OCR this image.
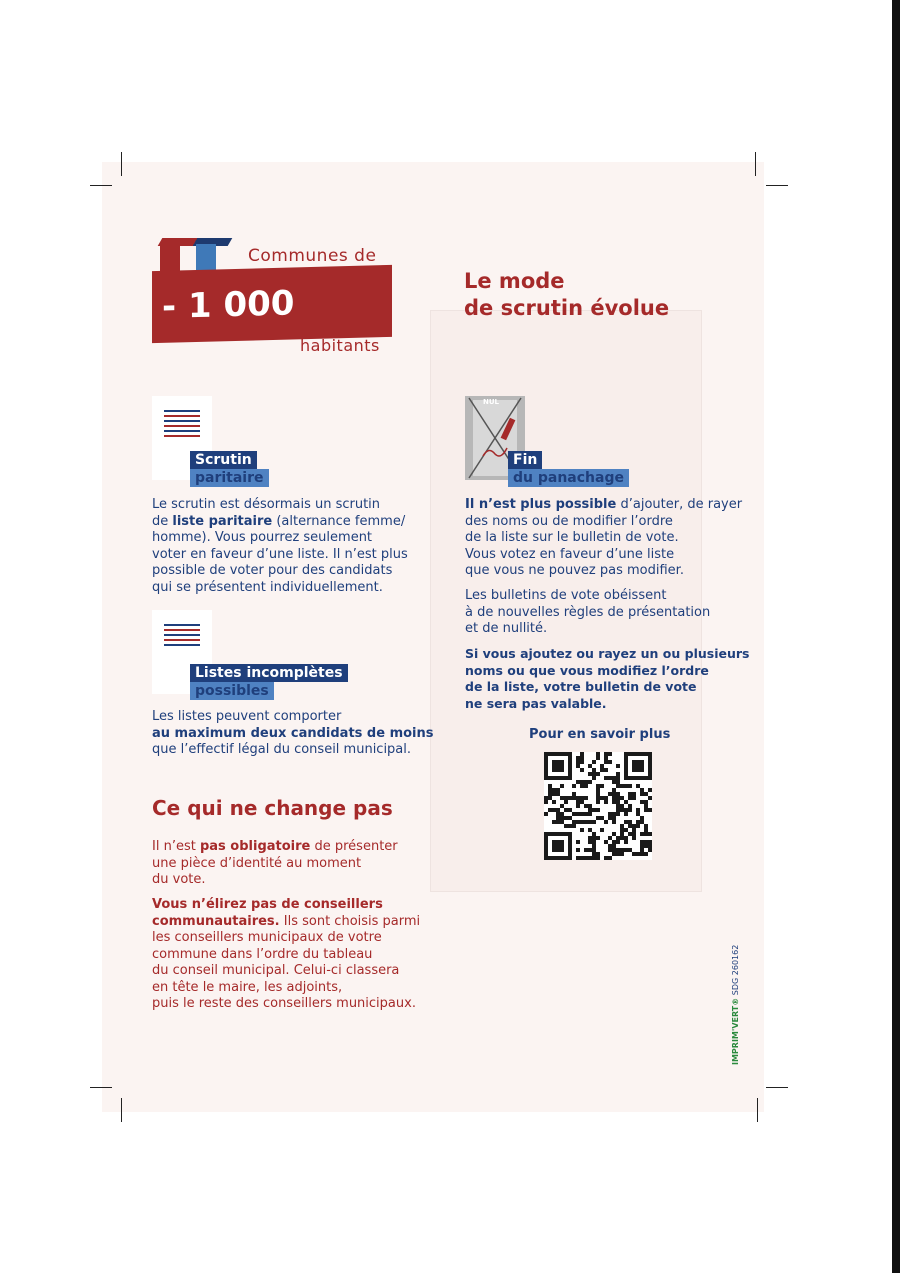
Communes de
- 1 000
habitants
Le mode
de scrutin évolue
Scrutin
paritaire
Le scrutin est désormais un scrutin
de liste paritaire (alternance femme/
homme). Vous pourrez seulement
voter en faveur d’une liste. Il n’est plus
possible de voter pour des candidats
qui se présentent individuellement.
Listes incomplètes
possibles
Les listes peuvent comporter
au maximum deux candidats de moins
que l’effectif légal du conseil municipal.
Ce qui ne change pas
Il n’est pas obligatoire de présenter
une pièce d’identité au moment
du vote.
Vous n’élirez pas de conseillers
communautaires. Ils sont choisis parmi
les conseillers municipaux de votre
commune dans l’ordre du tableau
du conseil municipal. Celui-ci classera
en tête le maire, les adjoints,
puis le reste des conseillers municipaux.
NUL
Fin
du panachage
Il n’est plus possible d’ajouter, de rayer
des noms ou de modifier l’ordre
de la liste sur le bulletin de vote.
Vous votez en faveur d’une liste
que vous ne pouvez pas modifier.
Les bulletins de vote obéissent
à de nouvelles règles de présentation
et de nullité.
Si vous ajoutez ou rayez un ou plusieurs
noms ou que vous modifiez l’ordre
de la liste, votre bulletin de vote
ne sera pas valable.
Pour en savoir plus
IMPRIM'VERT® SDG 260162
